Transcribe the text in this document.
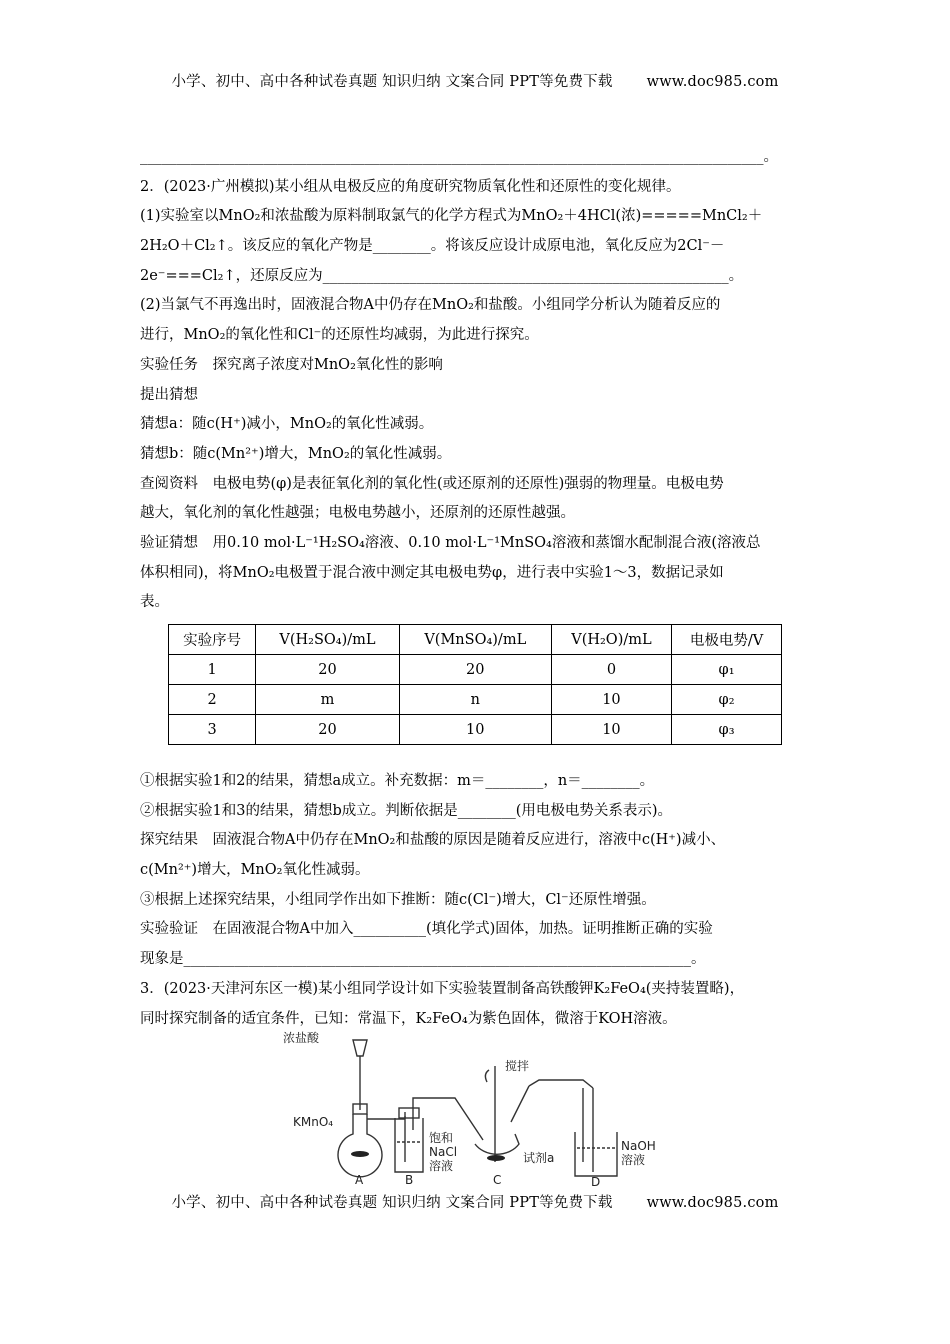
小学、初中、高中各种试卷真题 知识归纳 文案合同 PPT等免费下载 www.doc985.com
______________________________________________________________________________________。
2．(2023·广州模拟)某小组从电极反应的角度研究物质氧化性和还原性的变化规律。
(1)实验室以MnO₂和浓盐酸为原料制取氯气的化学方程式为MnO₂＋4HCl(浓)=====MnCl₂＋
2H₂O＋Cl₂↑。该反应的氧化产物是________。将该反应设计成原电池，氧化反应为2Cl⁻－
2e⁻===Cl₂↑，还原反应为________________________________________________________。
(2)当氯气不再逸出时，固液混合物A中仍存在MnO₂和盐酸。小组同学分析认为随着反应的
进行，MnO₂的氧化性和Cl⁻的还原性均减弱，为此进行探究。
实验任务　探究离子浓度对MnO₂氧化性的影响
提出猜想
猜想a：随c(H⁺)减小，MnO₂的氧化性减弱。
猜想b：随c(Mn²⁺)增大，MnO₂的氧化性减弱。
查阅资料　电极电势(φ)是表征氧化剂的氧化性(或还原剂的还原性)强弱的物理量。电极电势
越大，氧化剂的氧化性越强；电极电势越小，还原剂的还原性越强。
验证猜想　用0.10 mol·L⁻¹H₂SO₄溶液、0.10 mol·L⁻¹MnSO₄溶液和蒸馏水配制混合液(溶液总
体积相同)，将MnO₂电极置于混合液中测定其电极电势φ，进行表中实验1～3，数据记录如
表。
①根据实验1和2的结果，猜想a成立。补充数据：m＝________，n＝________。
②根据实验1和3的结果，猜想b成立。判断依据是________(用电极电势关系表示)。
探究结果　固液混合物A中仍存在MnO₂和盐酸的原因是随着反应进行，溶液中c(H⁺)减小、
c(Mn²⁺)增大，MnO₂氧化性减弱。
③根据上述探究结果，小组同学作出如下推断：随c(Cl⁻)增大，Cl⁻还原性增强。
实验验证　在固液混合物A中加入__________(填化学式)固体，加热。证明推断正确的实验
现象是______________________________________________________________________。
3．(2023·天津河东区一模)某小组同学设计如下实验装置制备高铁酸钾K₂FeO₄(夹持装置略)，
同时探究制备的适宜条件，已知：常温下，K₂FeO₄为紫色固体，微溶于KOH溶液。
实验序号	V(H₂SO₄)/mL	V(MnSO₄)/mL	V(H₂O)/mL	电极电势/V
1	20	20	0	φ₁
2	m	n	10	φ₂
3	20	10	10	φ₃
浓盐酸
KMnO₄
搅拌
饱和
NaCl
溶液
试剂a
NaOH
溶液
A	B	C	D
小学、初中、高中各种试卷真题 知识归纳 文案合同 PPT等免费下载 www.doc985.com
